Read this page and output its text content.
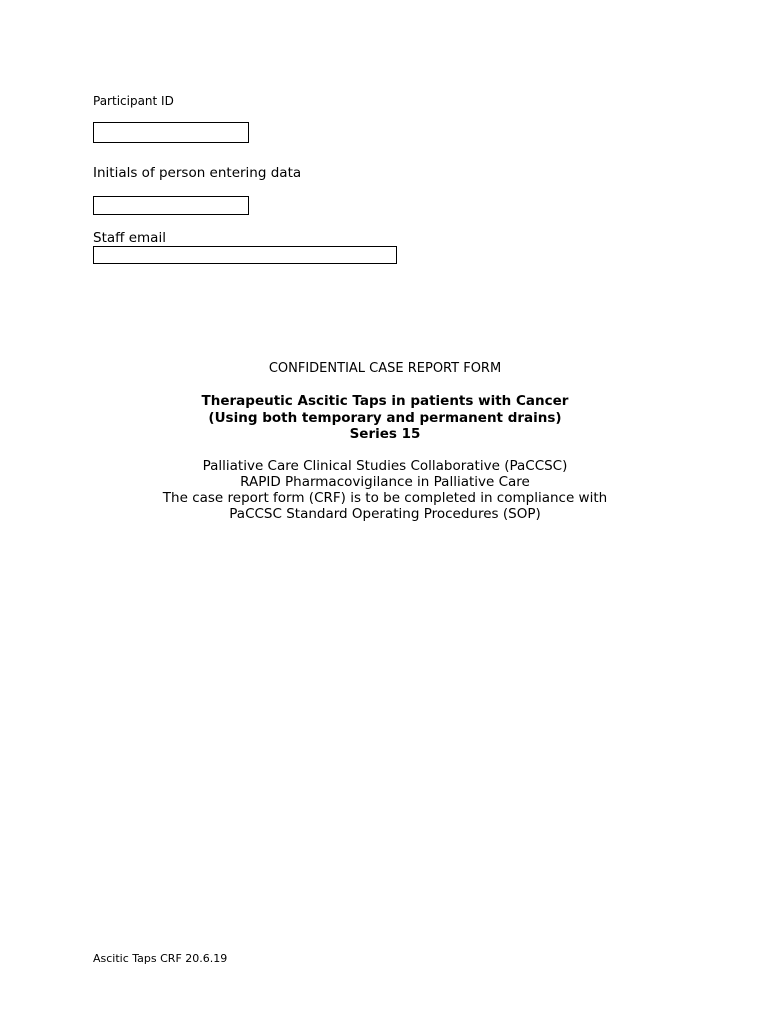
Participant ID
Initials of person entering data
Staff email
CONFIDENTIAL CASE REPORT FORM
Therapeutic Ascitic Taps in patients with Cancer
(Using both temporary and permanent drains)
Series 15
Palliative Care Clinical Studies Collaborative (PaCCSC)
RAPID Pharmacovigilance in Palliative Care
The case report form (CRF) is to be completed in compliance with
PaCCSC Standard Operating Procedures (SOP)
Ascitic Taps CRF 20.6.19
